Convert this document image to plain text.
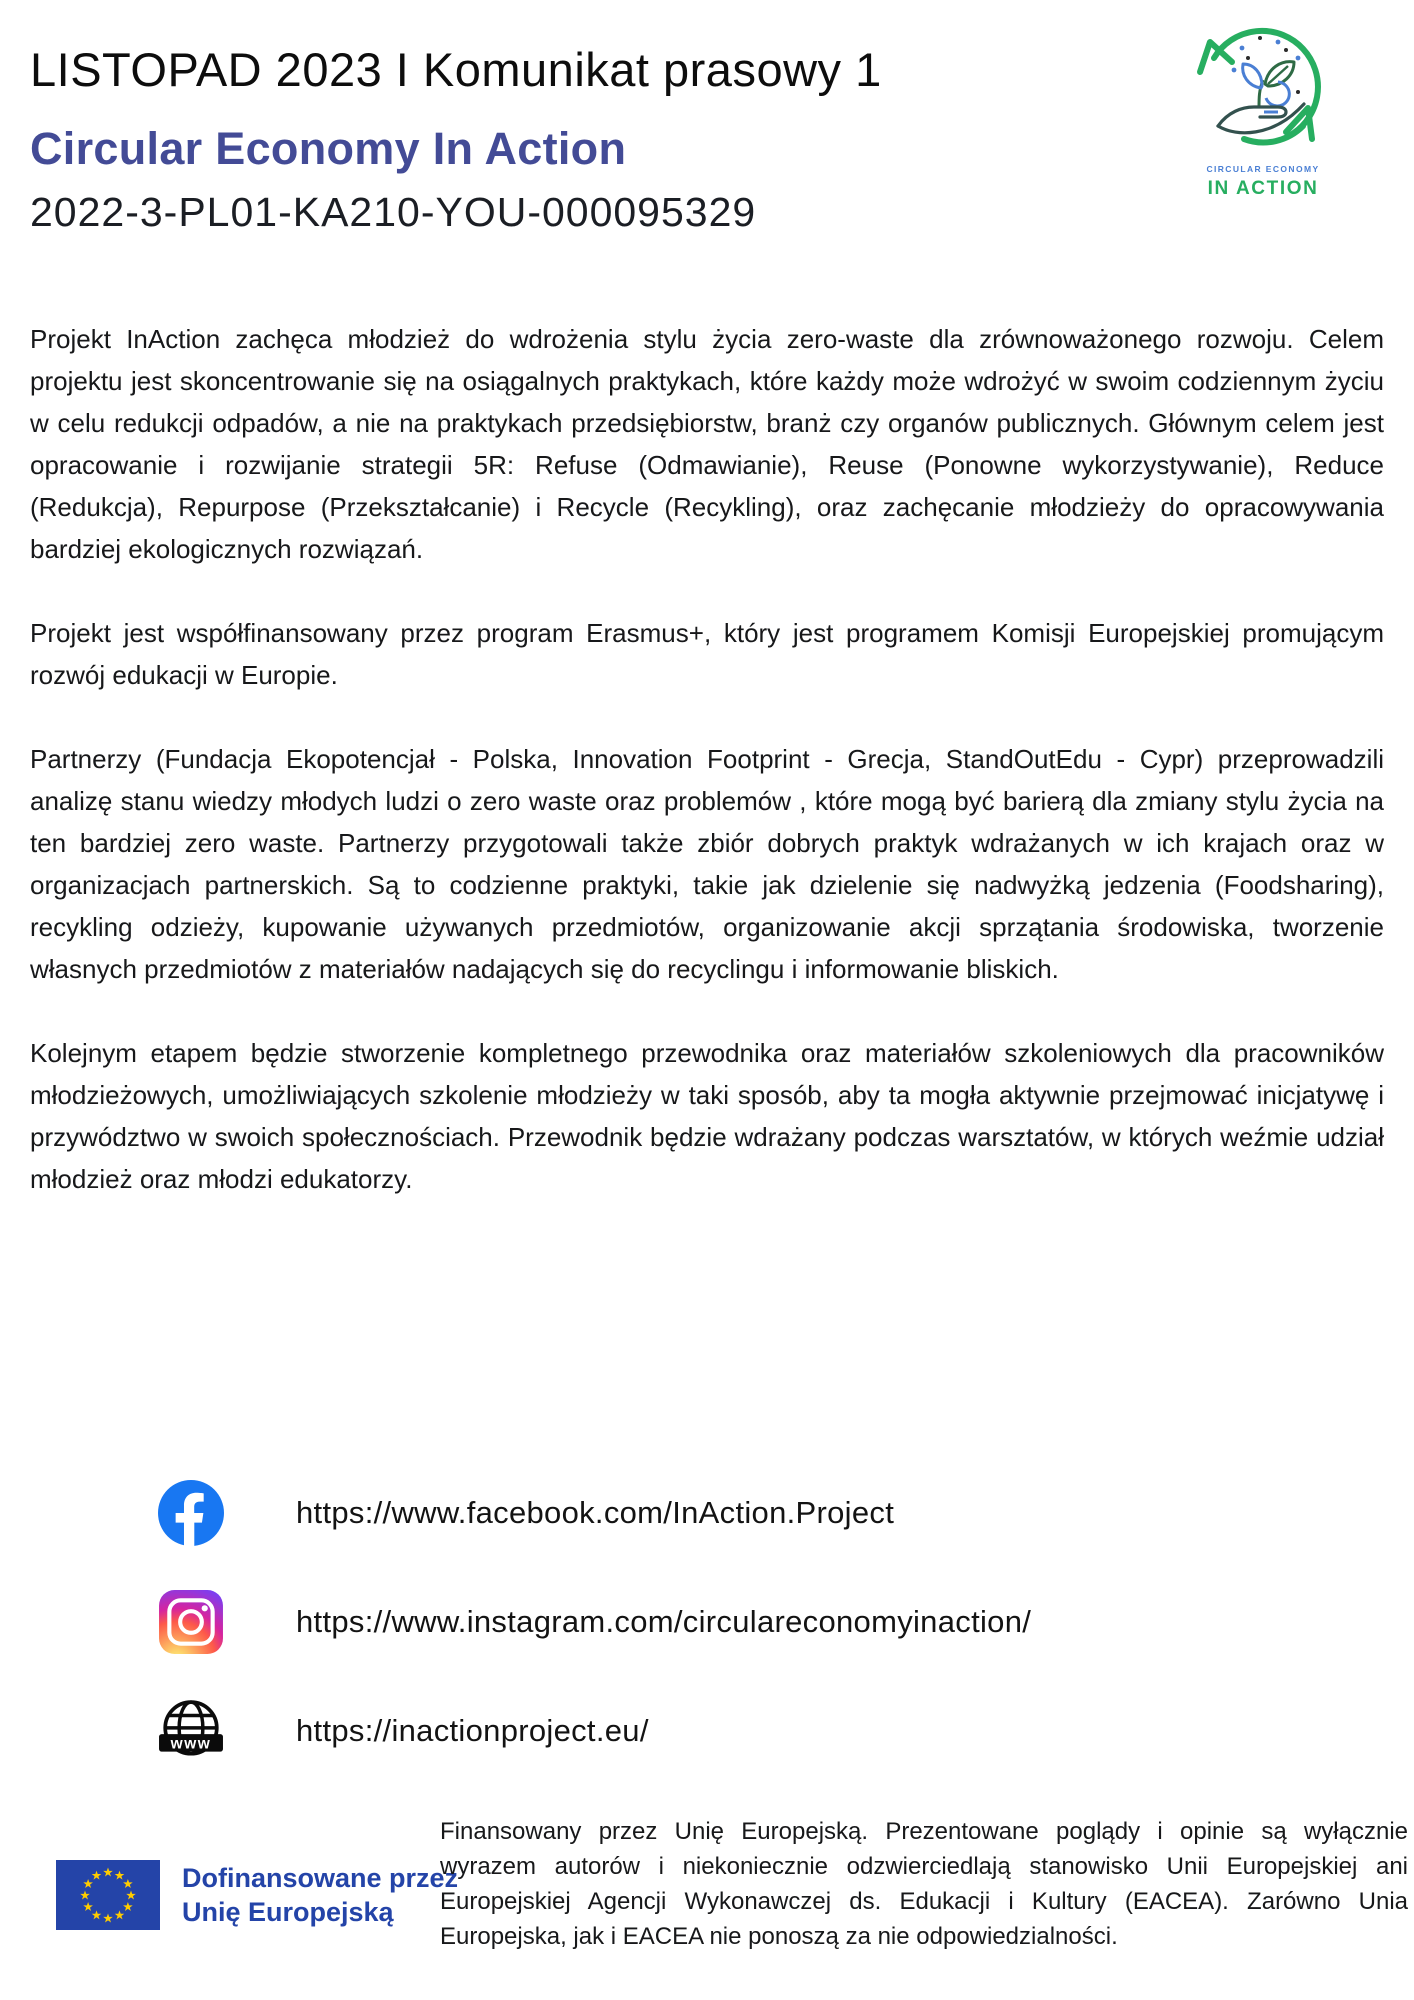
LISTOPAD 2023 I Komunikat prasowy 1
Circular Economy In Action
2022-3-PL01-KA210-YOU-000095329
CIRCULAR ECONOMY
IN ACTION

Projekt InAction zachęca młodzież do wdrożenia stylu życia zero-waste dla zrównoważonego rozwoju. Celem projektu jest skoncentrowanie się na osiągalnych praktykach, które każdy może wdrożyć w swoim codziennym życiu w celu redukcji odpadów, a nie na praktykach przedsiębiorstw, branż czy organów publicznych. Głównym celem jest opracowanie i rozwijanie strategii 5R: Refuse (Odmawianie), Reuse (Ponowne wykorzystywanie), Reduce (Redukcja), Repurpose (Przekształcanie) i Recycle (Recykling), oraz zachęcanie młodzieży do opracowywania bardziej ekologicznych rozwiązań.

Projekt jest współfinansowany przez program Erasmus+, który jest programem Komisji Europejskiej promującym rozwój edukacji w Europie.

Partnerzy (Fundacja Ekopotencjał - Polska, Innovation Footprint - Grecja, StandOutEdu - Cypr) przeprowadzili analizę stanu wiedzy młodych ludzi o zero waste oraz problemów , które mogą być barierą dla zmiany stylu życia na ten bardziej zero waste. Partnerzy przygotowali także zbiór dobrych praktyk wdrażanych w ich krajach oraz w organizacjach partnerskich. Są to codzienne praktyki, takie jak dzielenie się nadwyżką jedzenia (Foodsharing), recykling odzieży, kupowanie używanych przedmiotów, organizowanie akcji sprzątania środowiska, tworzenie własnych przedmiotów z materiałów nadających się do recyclingu i informowanie bliskich.

Kolejnym etapem będzie stworzenie kompletnego przewodnika oraz materiałów szkoleniowych dla pracowników młodzieżowych, umożliwiających szkolenie młodzieży w taki sposób, aby ta mogła aktywnie przejmować inicjatywę i przywództwo w swoich społecznościach. Przewodnik będzie wdrażany podczas warsztatów, w których weźmie udział młodzież oraz młodzi edukatorzy.

https://www.facebook.com/InAction.Project
https://www.instagram.com/circulareconomyinaction/
www	https://inactionproject.eu/
Dofinansowane przez
Unię Europejską
Finansowany przez Unię Europejską. Prezentowane poglądy i opinie są wyłącznie wyrazem autorów i niekoniecznie odzwierciedlają stanowisko Unii Europejskiej ani Europejskiej Agencji Wykonawczej ds. Edukacji i Kultury (EACEA). Zarówno Unia Europejska, jak i EACEA nie ponoszą za nie odpowiedzialności.
